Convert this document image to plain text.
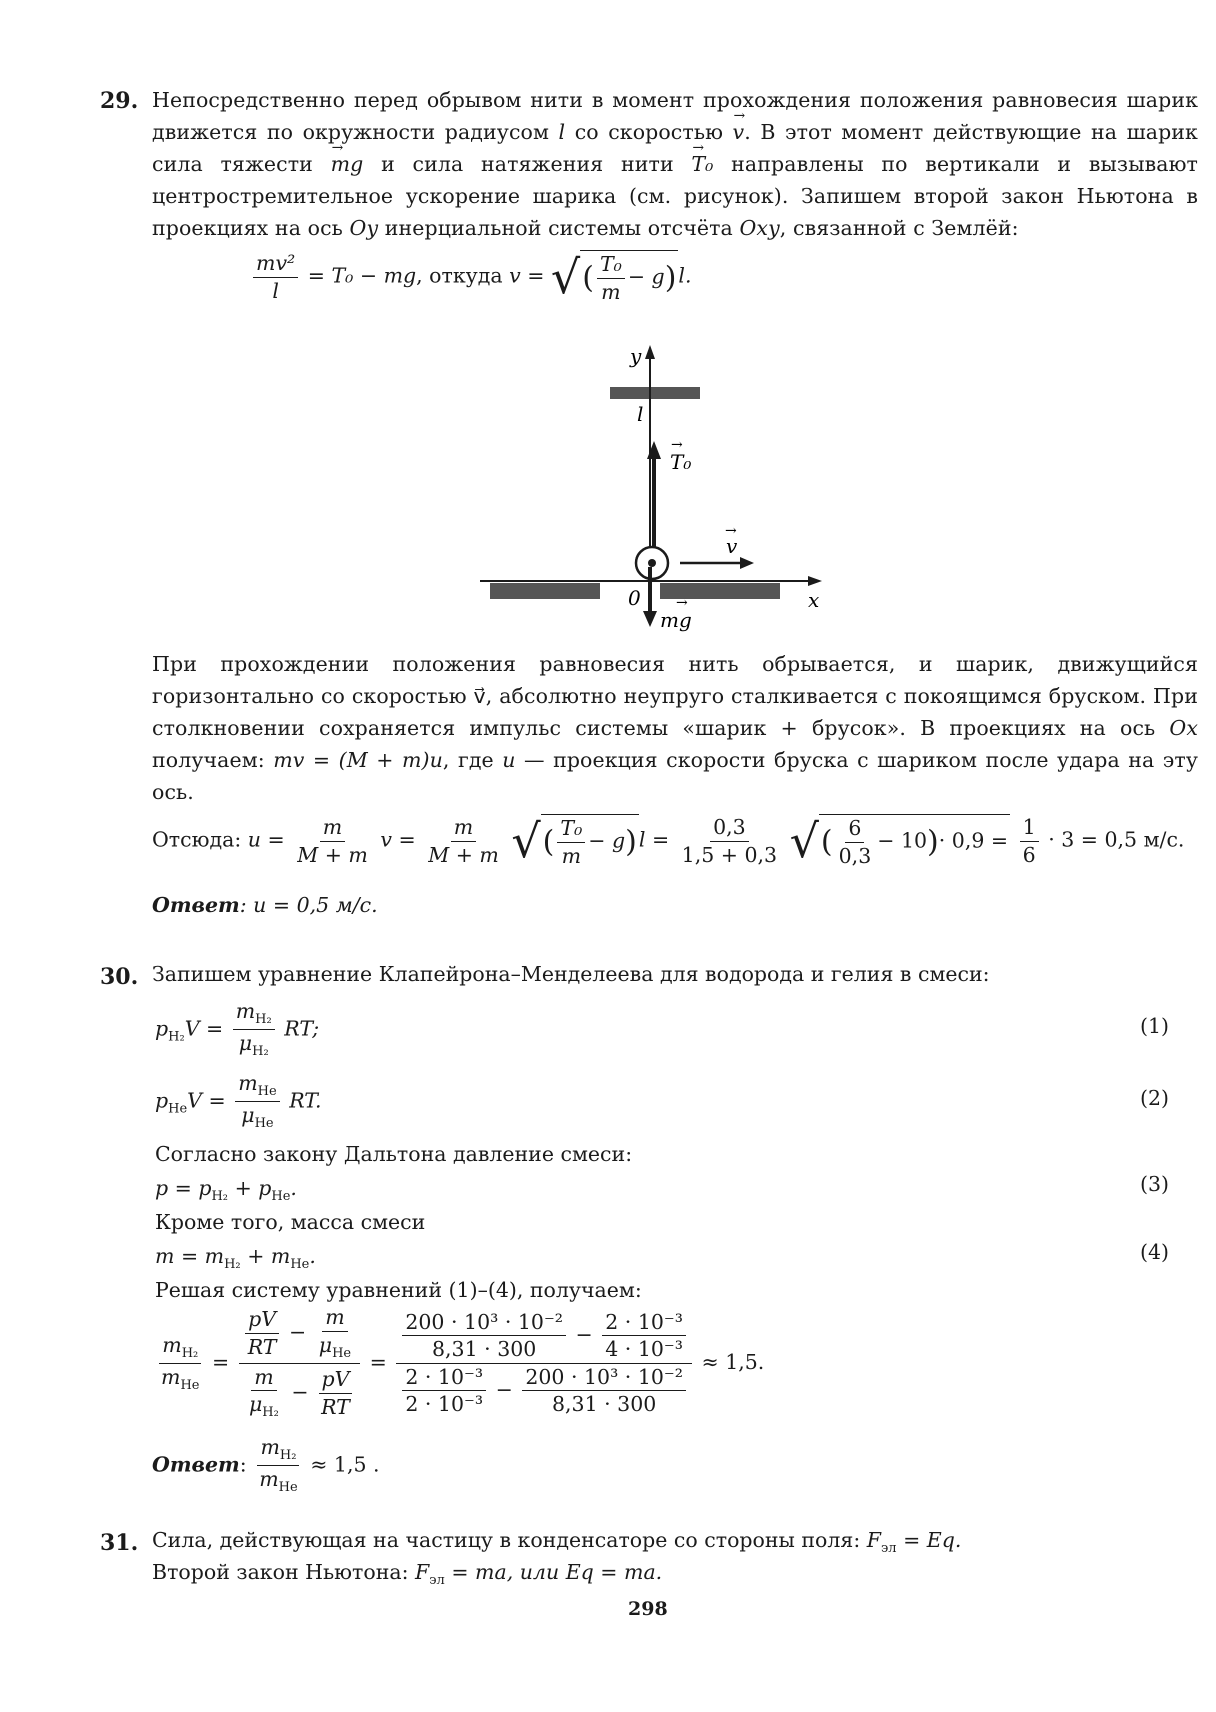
29. Непосредственно перед обрывом нити в момент прохождения положения равновесия шарик движется по окружности радиусом l со скоростью → v. В этот момент действующие на шарик сила тяжести → mg и сила натяжения нити → T₀ направлены по вертикали и вызывают центростремительное ускорение шарика (см. рисунок). Запишем второй закон Ньютона в проекциях на ось Oy инерциальной системы отсчёта Oxy, связанной с Землёй:
$\frac{\text{mv²}}{l} = T_0$ − mg, откуда v = √( $\frac{\text{T₀}}{m} - g)l$.
y
l
T₀
→
x
0
v
→
mg
→
При прохождении положения равновесия нить обрывается, и шарик, движущийся горизонтально со скоростью v⃗, абсолютно неупруго сталкивается с покоящимся бруском. При столкновении сохраняется импульс системы «шарик + брусок». В проекциях на ось Ox получаем: mv = (M + m)u, где u — проекция скорости бруска с шариком после удара на эту ось.
Отсюда: $u = \frac{m}{M + m}$ $v = \frac{m}{M + m}$ √( $\frac{\text{T₀}}{m} - g)l = \frac{0,3}{1,5 + 0,3}$ √( $\frac{6}{0,3} - 10)\cdot 0,9 = \frac{1}{6} \cdot 3 = 0,5$ м/с.
Ответ: u = 0,5 м/с.
30. Запишем уравнение Клапейрона–Менделеева для водорода и гелия в смеси:
$p_{H_2}V = \frac{m_{H_2}}{\mu_{H_2}}$ RT;	(1)
$p_{He}V = \frac{m_{He}}{\mu_{He}}$ RT.	(2)
Согласно закону Дальтона давление смеси:
$p = p_{H_2} + p_{He}$.	(3)
Кроме того, масса смеси
$m = m_{H_2} + m_{He}$.	(4)
Решая систему уравнений (1)–(4), получаем:
$\frac{m_{H_2}}{m_{He}} = \frac{\frac{pV}{RT} - \frac{m}{\mu_{He}}}{\frac{m}{\mu_{H_2}} - \frac{pV}{RT}}$ =
$\frac{\text{200 · 10³ · 10⁻²}}{8,31 \cdot 300} - \frac{\text{2 · 10⁻³}}{\text{4 · 10⁻³}}$
$\frac{\text{2 · 10⁻³}}{\text{2 · 10⁻³}} - \frac{\text{200 · 10³ · 10⁻²}}{8,31 \cdot 300}$
≈ 1,5.
Ответ: $\frac{m_{H_2}}{m_{He}} \approx 1,5$ .
31. Сила, действующая на частицу в конденсаторе со стороны поля: $F_{эл} = Eq$.
Второй закон Ньютона: $F_{эл}$ = ma, или Eq = ma.
298
